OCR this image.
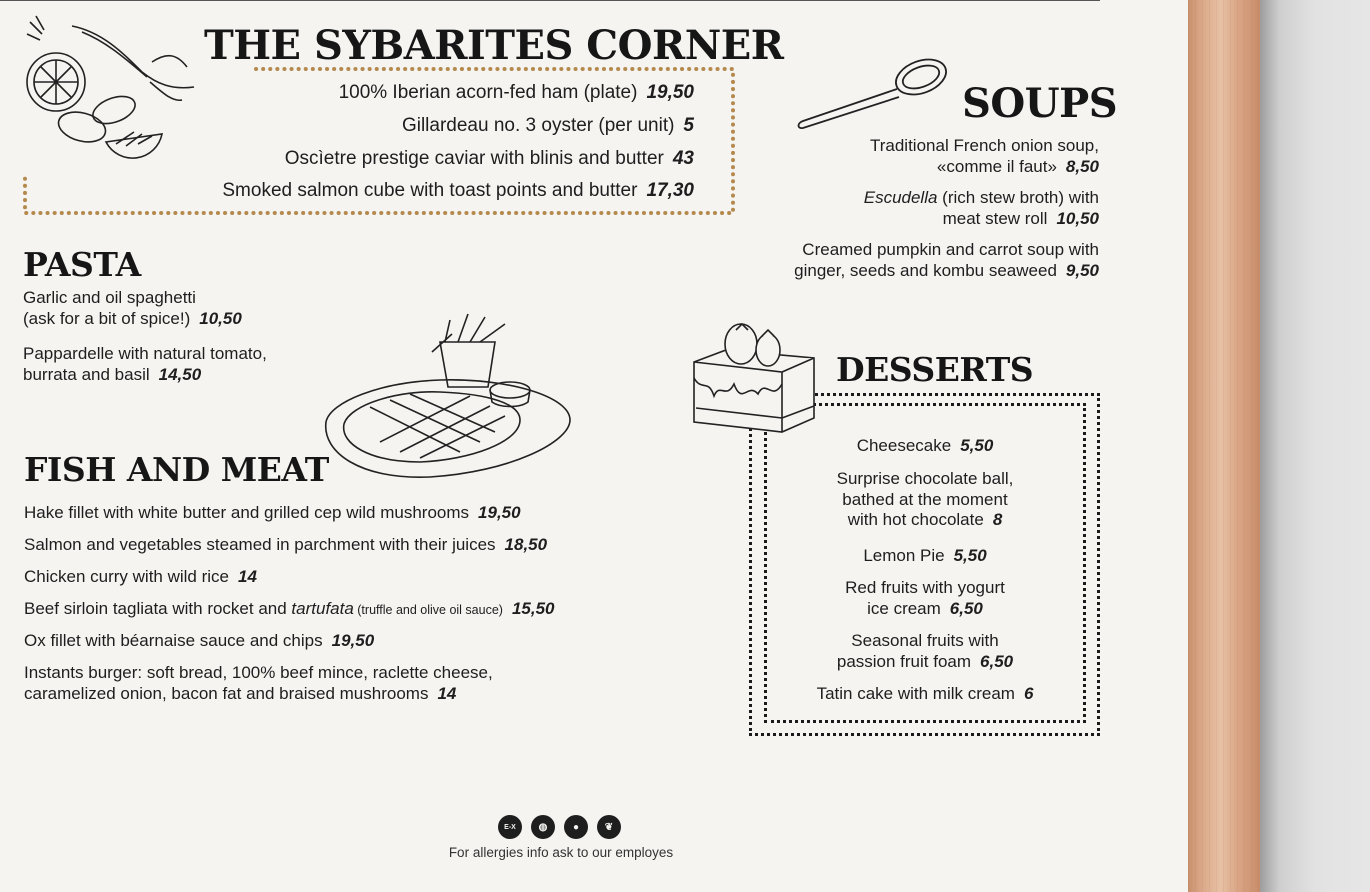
THE SYBARITES CORNER
100% Iberian acorn-fed ham (plate) 19,50
Gillardeau no. 3 oyster (per unit) 5
Oscìetre prestige caviar with blinis and butter 43
Smoked salmon cube with toast points and butter 17,30
SOUPS
Traditional French onion soup,
«comme il faut» 8,50
Escudella (rich stew broth) with
meat stew roll 10,50
Creamed pumpkin and carrot soup with
ginger, seeds and kombu seaweed 9,50
PASTA
Garlic and oil spaghetti
(ask for a bit of spice!) 10,50
Pappardelle with natural tomato,
burrata and basil 14,50
FISH AND MEAT
Hake fillet with white butter and grilled cep wild mushrooms 19,50
Salmon and vegetables steamed in parchment with their juices 18,50
Chicken curry with wild rice 14
Beef sirloin tagliata with rocket and tartufata (truffle and olive oil sauce) 15,50
Ox fillet with béarnaise sauce and chips 19,50
Instants burger: soft bread, 100% beef mince, raclette cheese,
caramelized onion, bacon fat and braised mushrooms 14
DESSERTS
Cheesecake 5,50
Surprise chocolate ball,
bathed at the moment
with hot chocolate 8
Lemon Pie 5,50
Red fruits with yogurt
ice cream 6,50
Seasonal fruits with
passion fruit foam 6,50
Tatin cake with milk cream 6
E-X	◍	●	❦
For allergies info ask to our employes
